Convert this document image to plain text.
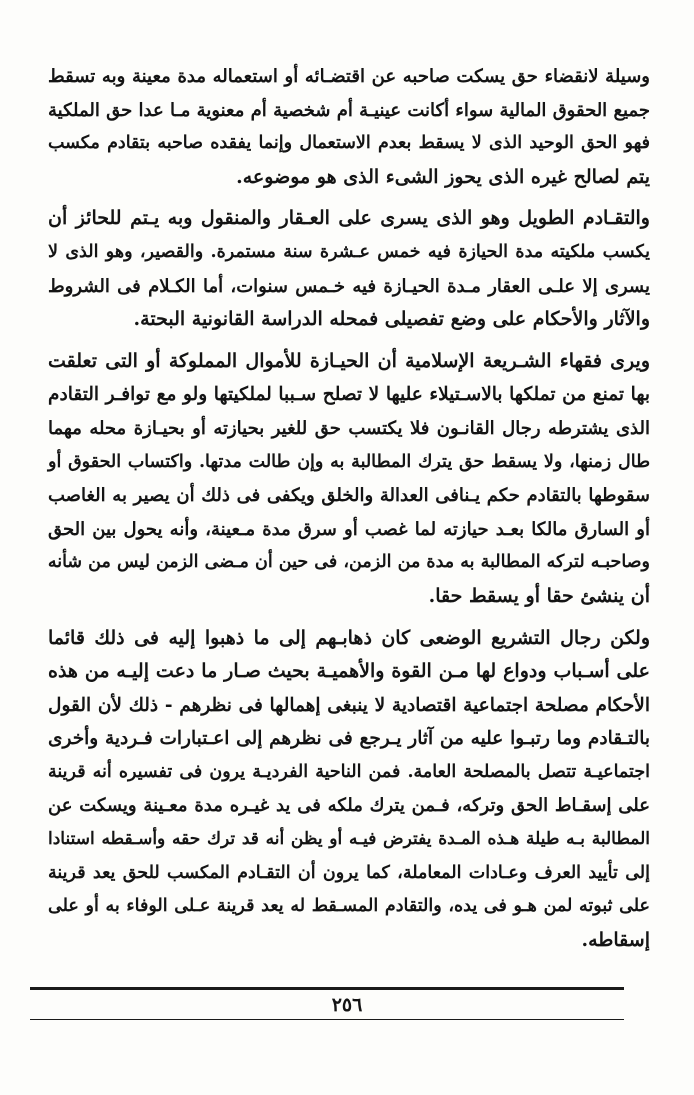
وسيلة لانقضاء حق يسكت صاحبه عن اقتضـائه أو استعماله مدة معينة وبه تسقط
جميع الحقوق المالية سواء أكانت عينيـة أم شخصية أم معنوية مـا عدا حق الملكية
فهو الحق الوحيد الذى لا يسقط بعدم الاستعمال وإنما يفقده صاحبه بتقادم مكسب
يتم لصالح غيره الذى يحوز الشىء الذى هو موضوعه.

والتقـادم الطويل وهو الذى يسرى على العـقار والمنقول وبه يـتم للحائز أن
يكسب ملكيته مدة الحيازة فيه خمس عـشرة سنة مستمرة. والقصير، وهو الذى لا
يسرى إلا علـى العقار مـدة الحيـازة فيه خـمس سنوات، أما الكـلام فى الشروط
والآثار والأحكام على وضع تفصيلى فمحله الدراسة القانونية البحتة.

ويرى فقهاء الشـريعة الإسلامية أن الحيـازة للأموال المملوكة أو التى تعلقت
بها تمنع من تملكها بالاسـتيلاء عليها لا تصلح سـببا لملكيتها ولو مع توافـر التقادم
الذى يشترطه رجال القانـون فلا يكتسب حق للغير بحيازته أو بحيـازة محله مهما
طال زمنها، ولا يسقط حق يترك المطالبة به وإن طالت مدتها. واكتساب الحقوق أو
سقوطها بالتقادم حكم يـنافى العدالة والخلق ويكفى فى ذلك أن يصير به الغاصب
أو السارق مالكا بعـد حيازته لما غصب أو سرق مدة مـعينة، وأنه يحول بين الحق
وصاحبـه لتركه المطالبة به مدة من الزمن، فى حين أن مـضى الزمن ليس من شأنه
أن ينشئ حقا أو يسقط حقا.

ولكن رجال التشريع الوضعى كان ذهابـهم إلى ما ذهبوا إليه فى ذلك قائما
على أسـباب ودواع لها مـن القوة والأهميـة بحيث صـار ما دعت إليـه من هذه
الأحكام مصلحة اجتماعية اقتصادية لا ينبغى إهمالها فى نظرهم - ذلك لأن القول
بالتـقادم وما رتبـوا عليه من آثار يـرجع فى نظرهم إلى اعـتبارات فـردية وأخرى
اجتماعيـة تتصل بالمصلحة العامة. فمن الناحية الفرديـة يرون فى تفسيره أنه قرينة
على إسقـاط الحق وتركه، فـمن يترك ملكه فى يد غيـره مدة معـينة ويسكت عن
المطالبة بـه طيلة هـذه المـدة يفترض فيـه أو يظن أنه قد ترك حقه وأسـقطه استنادا
إلى تأييد العرف وعـادات المعاملة، كما يرون أن التقـادم المكسب للحق يعد قرينة
على ثبوته لمن هـو فى يده، والتقادم المسـقط له يعد قرينة عـلى الوفاء به أو على
إسقاطه.

٢٥٦
